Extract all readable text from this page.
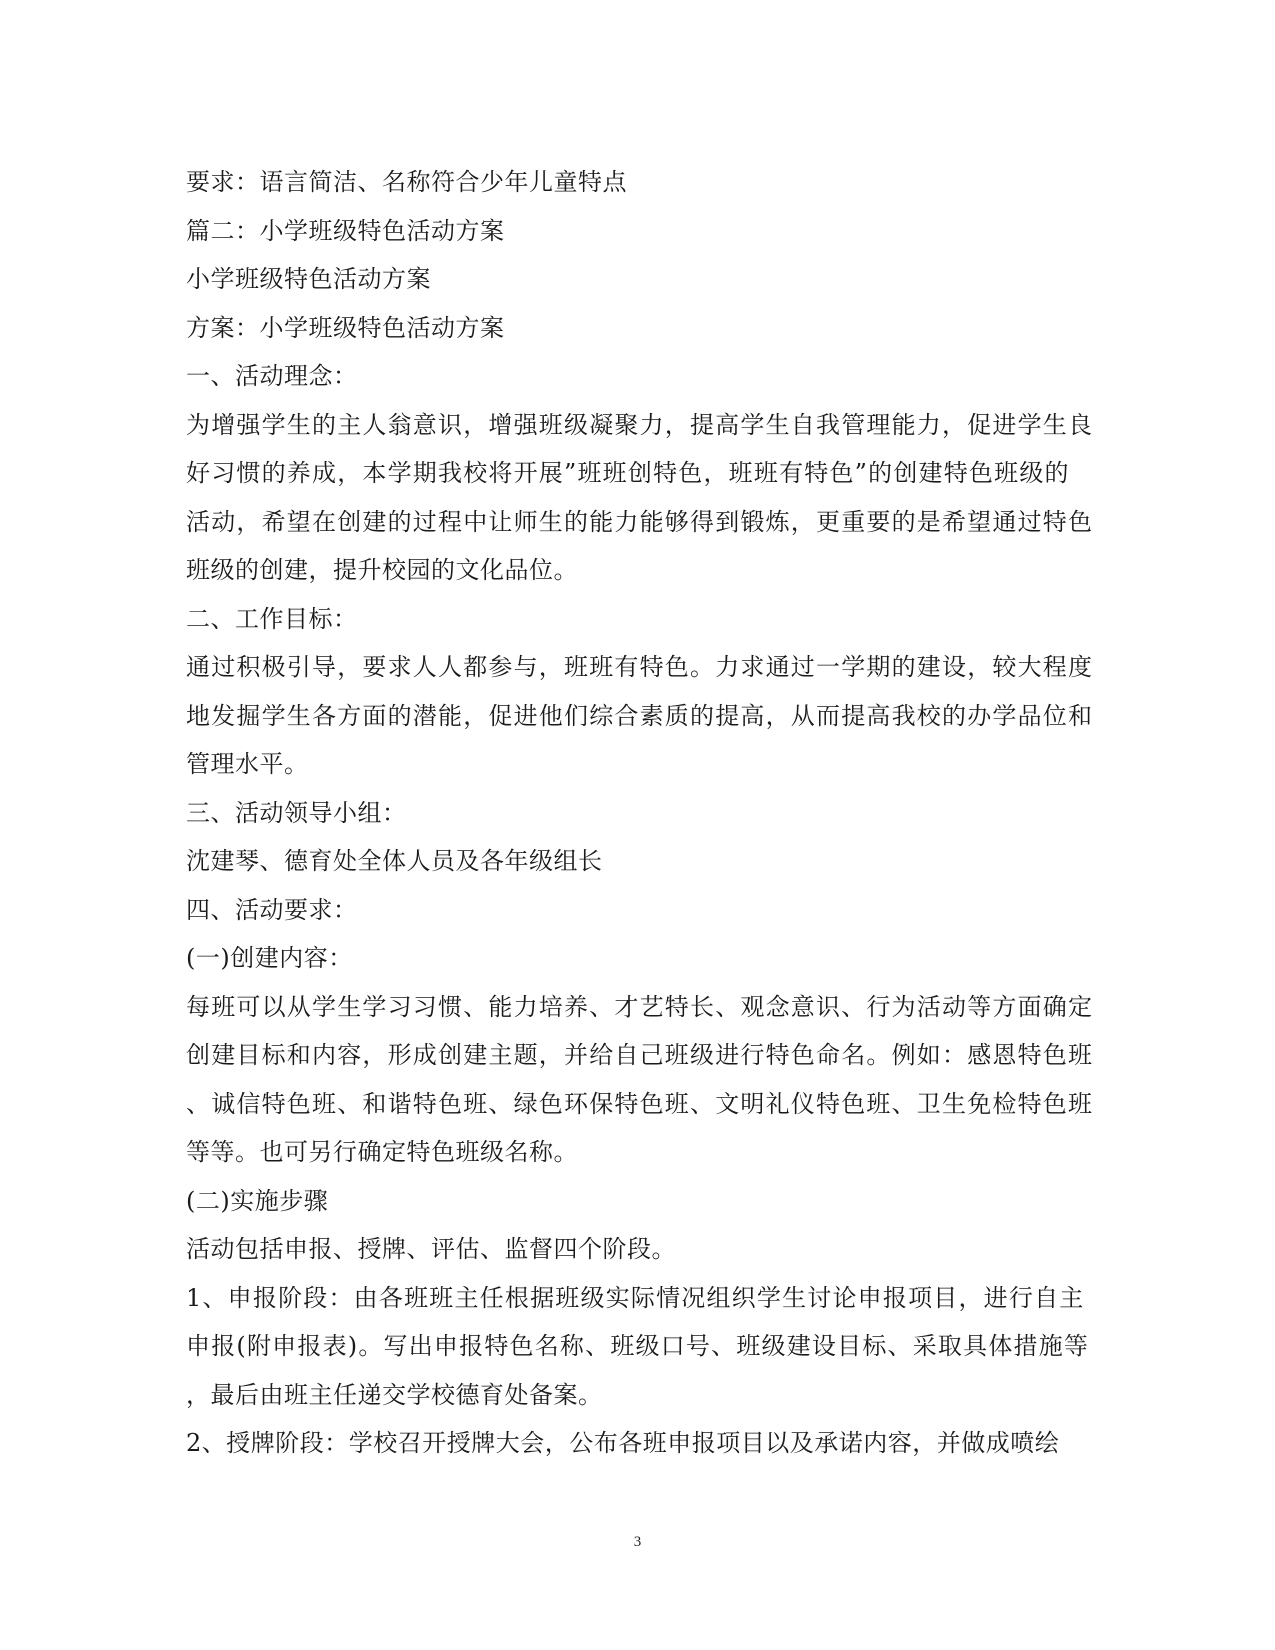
要求：语言简洁、名称符合少年儿童特点
篇二：小学班级特色活动方案
小学班级特色活动方案
方案：小学班级特色活动方案
一、活动理念：
为增强学生的主人翁意识，增强班级凝聚力，提高学生自我管理能力，促进学生良
好习惯的养成，本学期我校将开展”班班创特色，班班有特色”的创建特色班级的
活动，希望在创建的过程中让师生的能力能够得到锻炼，更重要的是希望通过特色
班级的创建，提升校园的文化品位。
二、工作目标：
通过积极引导，要求人人都参与，班班有特色。力求通过一学期的建设，较大程度
地发掘学生各方面的潜能，促进他们综合素质的提高，从而提高我校的办学品位和
管理水平。
三、活动领导小组：
沈建琴、德育处全体人员及各年级组长
四、活动要求：
(一)创建内容：
每班可以从学生学习习惯、能力培养、才艺特长、观念意识、行为活动等方面确定
创建目标和内容，形成创建主题，并给自己班级进行特色命名。例如：感恩特色班
、诚信特色班、和谐特色班、绿色环保特色班、文明礼仪特色班、卫生免检特色班
等等。也可另行确定特色班级名称。
(二)实施步骤
活动包括申报、授牌、评估、监督四个阶段。
1、申报阶段：由各班班主任根据班级实际情况组织学生讨论申报项目，进行自主
申报(附申报表)。写出申报特色名称、班级口号、班级建设目标、采取具体措施等
，最后由班主任递交学校德育处备案。
2、授牌阶段：学校召开授牌大会，公布各班申报项目以及承诺内容，并做成喷绘
3
